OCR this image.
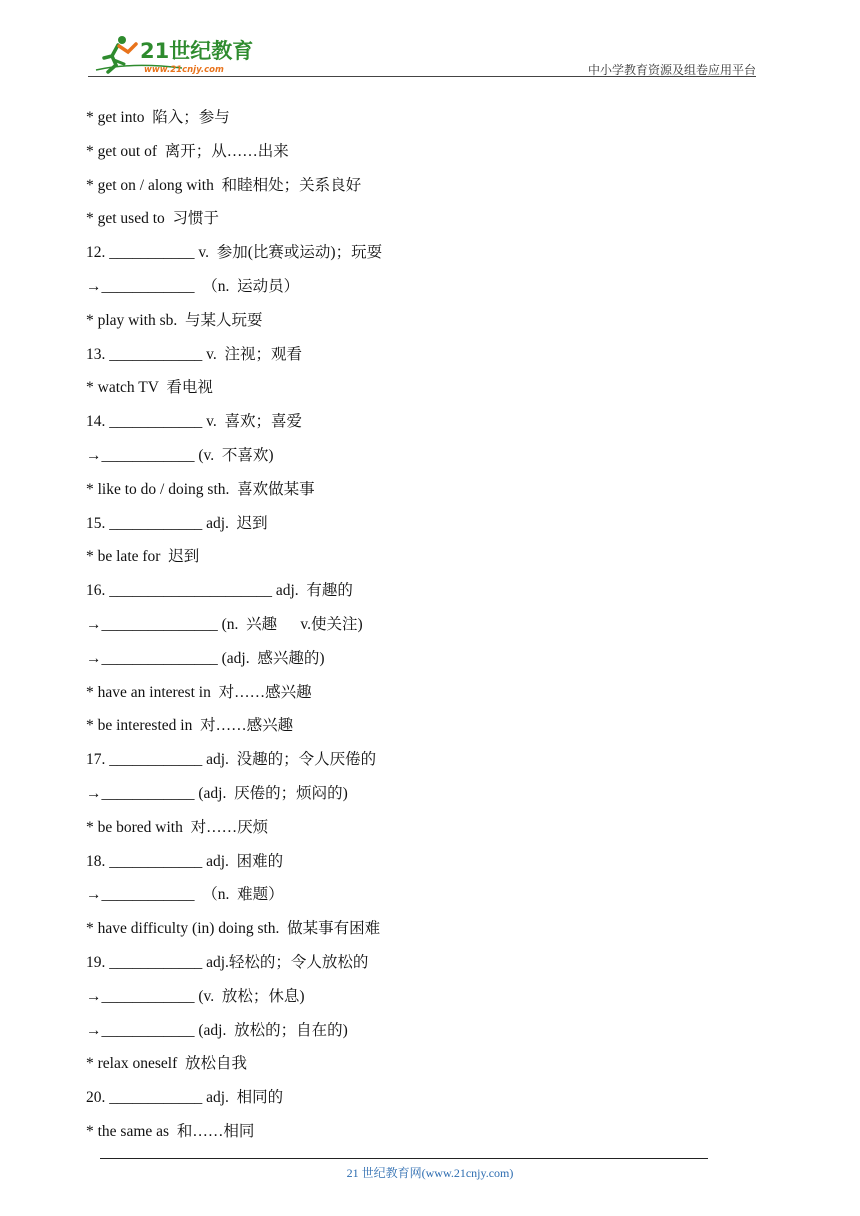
21世纪教育
www.21cnjy.com	中小学教育资源及组卷应用平台
* get into  陷入；参与
* get out of  离开；从……出来
* get on / along with  和睦相处；关系良好
* get used to  习惯于
12. ___________ v.  参加(比赛或运动)；玩耍
→____________  （n.  运动员）
* play with sb.  与某人玩耍
13. ____________ v.  注视；观看
* watch TV  看电视
14. ____________ v.  喜欢；喜爱
→____________ (v.  不喜欢)
* like to do / doing sth.  喜欢做某事
15. ____________ adj.  迟到
* be late for  迟到
16. _____________________ adj.  有趣的
→_______________ (n.  兴趣      v.使关注)
→_______________ (adj.  感兴趣的)
* have an interest in  对……感兴趣
* be interested in  对……感兴趣
17. ____________ adj.  没趣的；令人厌倦的
→____________ (adj.  厌倦的；烦闷的)
* be bored with  对……厌烦
18. ____________ adj.  困难的
→____________  （n.  难题）
* have difficulty (in) doing sth.  做某事有困难
19. ____________ adj.轻松的；令人放松的
→____________ (v.  放松；休息)
→____________ (adj.  放松的；自在的)
* relax oneself  放松自我
20. ____________ adj.  相同的
* the same as  和……相同
21 世纪教育网(www.21cnjy.com)
